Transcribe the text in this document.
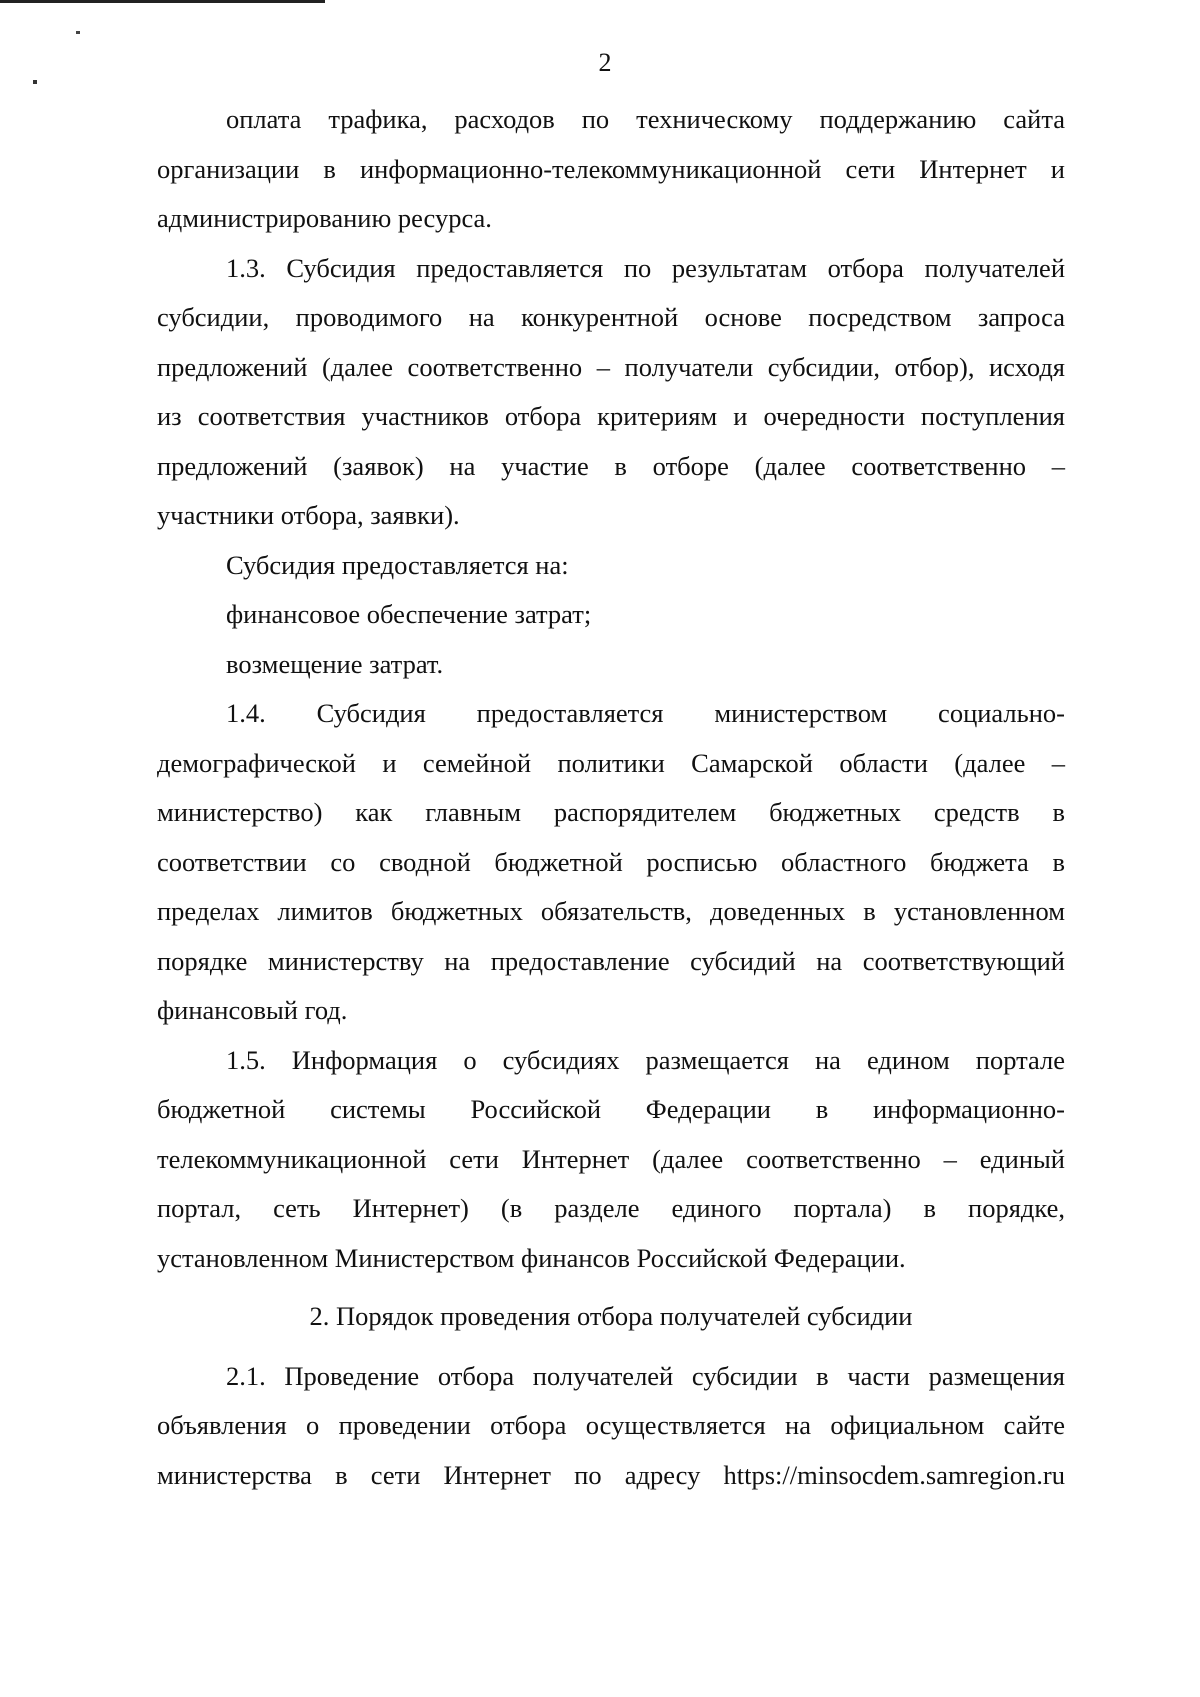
2

оплата трафика, расходов по техническому поддержанию сайта

организации в информационно-телекоммуникационной сети Интернет и

администрированию ресурса.

1.3. Субсидия предоставляется по результатам отбора получателей

субсидии, проводимого на конкурентной основе посредством запроса

предложений (далее соответственно – получатели субсидии, отбор), исходя

из соответствия участников отбора критериям и очередности поступления

предложений (заявок) на участие в отборе (далее соответственно –

участники отбора, заявки).

Субсидия предоставляется на:

финансовое обеспечение затрат;

возмещение затрат.

1.4. Субсидия предоставляется министерством социально-

демографической и семейной политики Самарской области (далее –

министерство) как главным распорядителем бюджетных средств в

соответствии со сводной бюджетной росписью областного бюджета в

пределах лимитов бюджетных обязательств, доведенных в установленном

порядке министерству на предоставление субсидий на соответствующий

финансовый год.

1.5. Информация о субсидиях размещается на едином портале

бюджетной системы Российской Федерации в информационно-

телекоммуникационной сети Интернет (далее соответственно – единый

портал, сеть Интернет) (в разделе единого портала) в порядке,

установленном Министерством финансов Российской Федерации.

2. Порядок проведения отбора получателей субсидии

2.1. Проведение отбора получателей субсидии в части размещения

объявления о проведении отбора осуществляется на официальном сайте

министерства в сети Интернет по адресу https://minsocdem.samregion.ru
